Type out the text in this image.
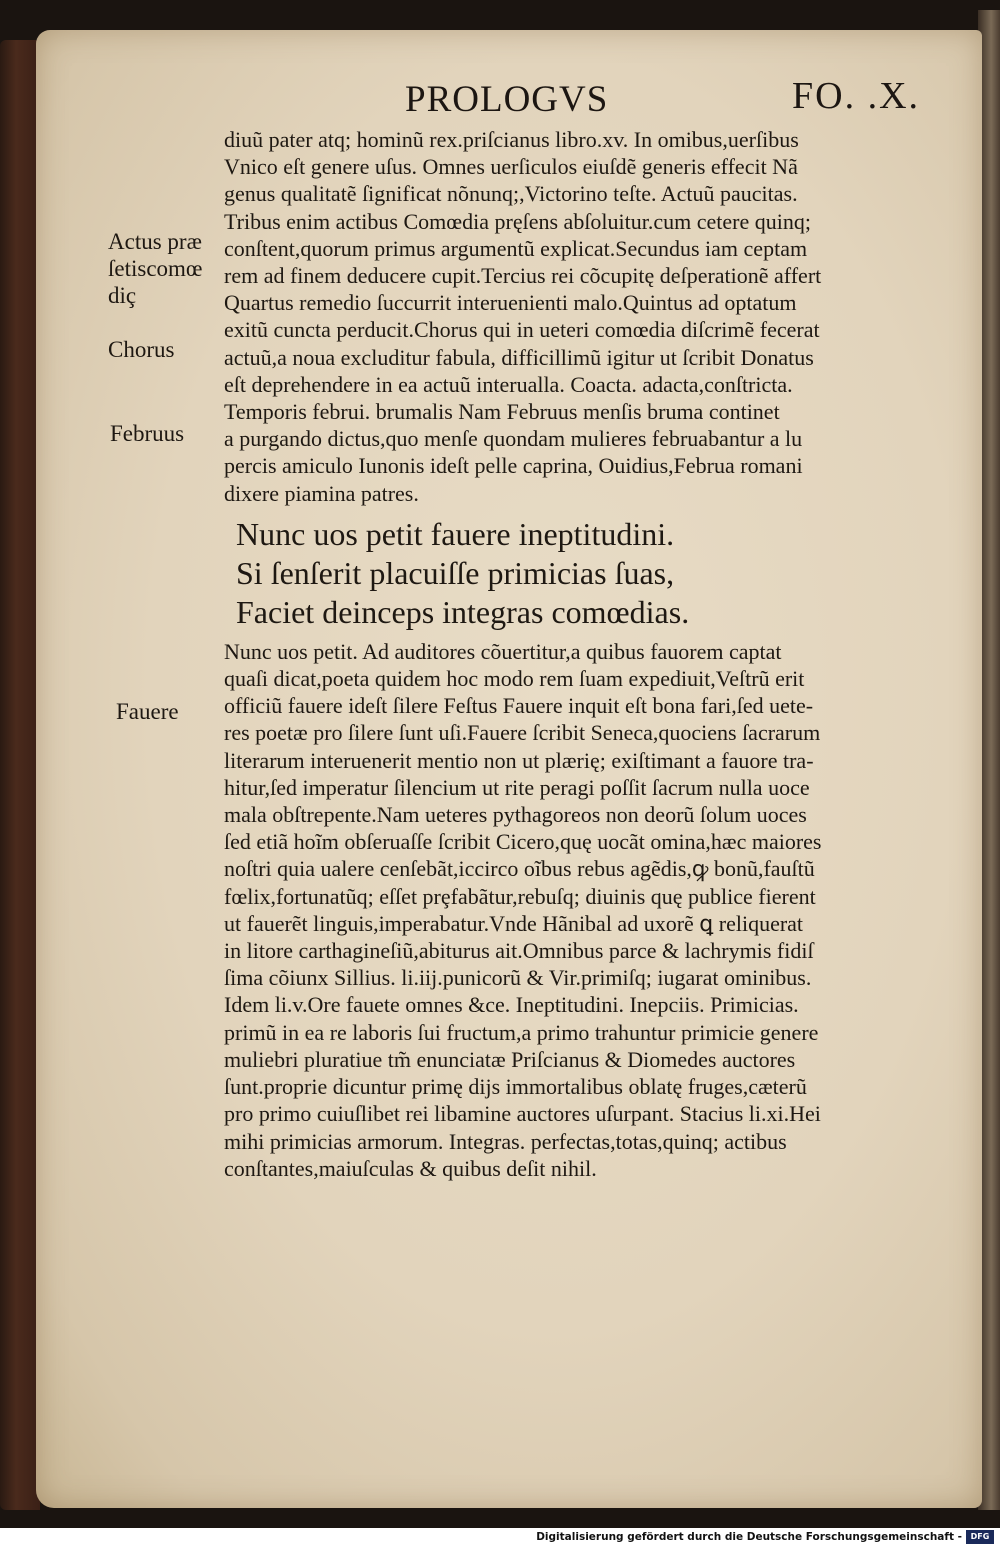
PROLOGVS	FO. .X.
Actus præ
ſetiscomœ
diç
Chorus
Februus
Fauere
diuũ pater atq; hominũ rex.priſcianus libro.xv. In omibus,uerſibus
Vnico eſt genere uſus. Omnes uerſiculos eiuſdẽ generis effecit Nã
genus qualitatẽ ſignificat nõnunq;,Victorino teſte. Actuũ paucitas.
Tribus enim actibus Comœdia pręſens abſoluitur.cum cetere quinq;
conſtent,quorum primus argumentũ explicat.Secundus iam ceptam
rem ad finem deducere cupit.Tercius rei cõcupitę deſperationẽ affert
Quartus remedio ſuccurrit interuenienti malo.Quintus ad optatum
exitũ cuncta perducit.Chorus qui in ueteri comœdia diſcrimẽ fecerat
actuũ,a noua excluditur fabula, difficillimũ igitur ut ſcribit Donatus
eſt deprehendere in ea actuũ interualla. Coacta. adacta,conſtricta.
Temporis februi. brumalis Nam Februus menſis bruma continet
a purgando dictus,quo menſe quondam mulieres februabantur a lu
percis amiculo Iunonis ideſt pelle caprina, Ouidius,Februa romani
dixere piamina patres.
Nunc uos petit fauere ineptitudini.
Si ſenſerit placuiſſe primicias ſuas,
Faciet deinceps integras comœdias.
Nunc uos petit. Ad auditores cõuertitur,a quibus fauorem captat
quaſi dicat,poeta quidem hoc modo rem ſuam expediuit,Veſtrũ erit
officiũ fauere ideſt ſilere Feſtus Fauere inquit eſt bona fari,ſed uete-
res poetæ pro ſilere ſunt uſi.Fauere ſcribit Seneca,quociens ſacrarum
literarum interuenerit mentio non ut plærię; exiſtimant a fauore tra-
hitur,ſed imperatur ſilencium ut rite peragi poſſit ſacrum nulla uoce
mala obſtrepente.Nam ueteres pythagoreos non deorũ ſolum uoces
ſed etiã hoĩm obſeruaſſe ſcribit Cicero,quę uocãt omina,hæc maiores
noſtri quia ualere cenſebãt,iccirco oĩbus rebus agẽdis,ꝙ bonũ,fauſtũ
fœlix,fortunatũq; eſſet prȩfabãtur,rebuſq; diuinis quę publice fierent
ut fauerẽt linguis,imperabatur.Vnde Hãnibal ad uxorẽ ꝗ reliquerat
in litore carthagineſiũ,abiturus ait.Omnibus parce & lachrymis fidiſ
ſima cõiunx Sillius. li.iij.punicorũ & Vir.primiſq; iugarat ominibus.
Idem li.v.Ore fauete omnes &ce. Ineptitudini. Inepciis. Primicias.
primũ in ea re laboris ſui fructum,a primo trahuntur primicie genere
muliebri pluratiue tm̃ enunciatæ Priſcianus & Diomedes auctores
ſunt.proprie dicuntur primę dijs immortalibus oblatę fruges,cæterũ
pro primo cuiuſlibet rei libamine auctores uſurpant. Stacius li.xi.Hei
mihi primicias armorum. Integras. perfectas,totas,quinq; actibus
conſtantes,maiuſculas & quibus deſit nihil.
Digitalisierung gefördert durch die Deutsche Forschungsgemeinschaft -	DFG
